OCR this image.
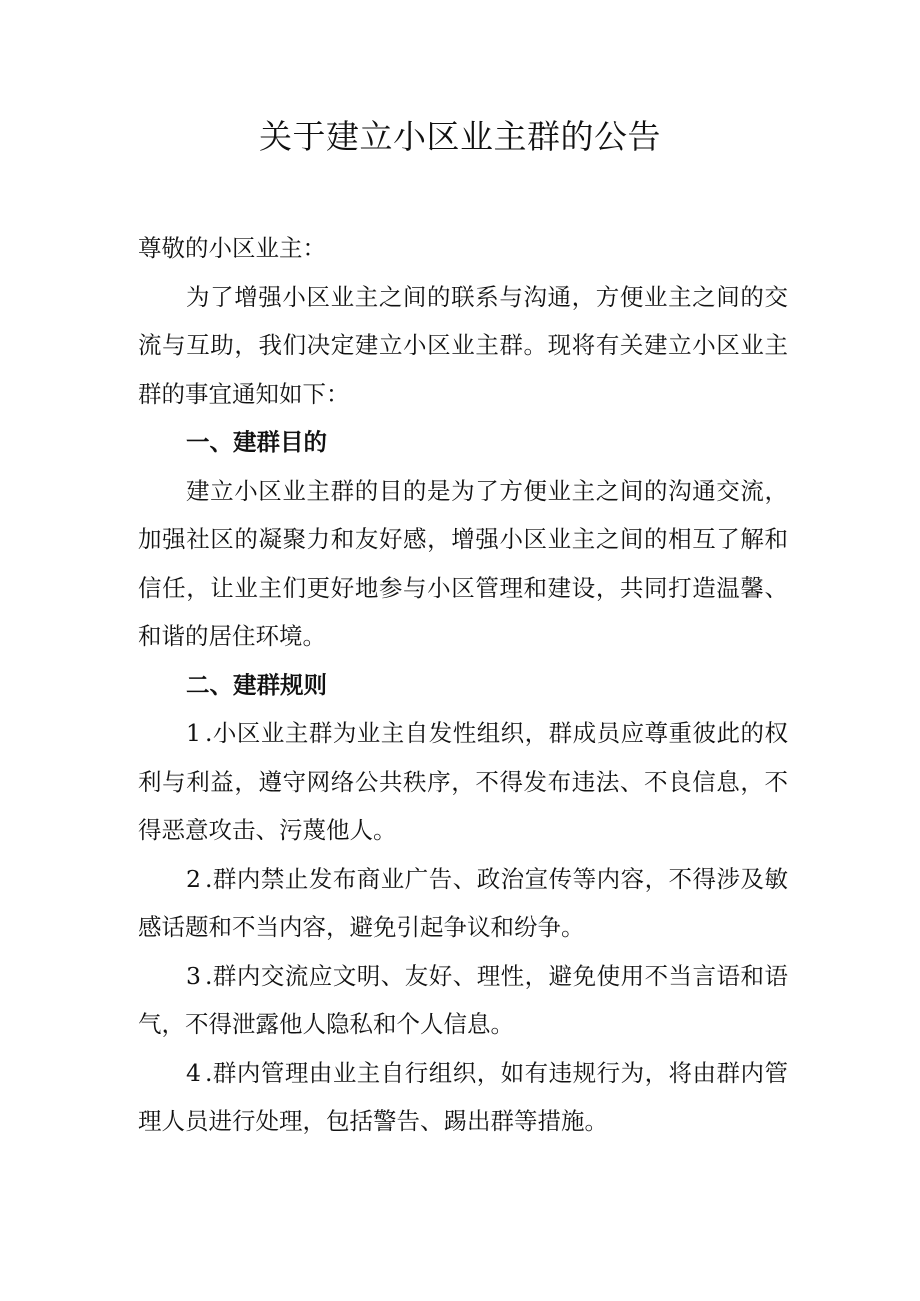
关于建立小区业主群的公告

尊敬的小区业主：

为了增强小区业主之间的联系与沟通，方便业主之间的交流与互助，我们决定建立小区业主群。现将有关建立小区业主群的事宜通知如下：

一、建群目的

建立小区业主群的目的是为了方便业主之间的沟通交流，加强社区的凝聚力和友好感，增强小区业主之间的相互了解和信任，让业主们更好地参与小区管理和建设，共同打造温馨、和谐的居住环境。

二、建群规则

1 .小区业主群为业主自发性组织，群成员应尊重彼此的权利与利益，遵守网络公共秩序，不得发布违法、不良信息，不得恶意攻击、污蔑他人。

2 .群内禁止发布商业广告、政治宣传等内容，不得涉及敏感话题和不当内容，避免引起争议和纷争。

3 .群内交流应文明、友好、理性，避免使用不当言语和语气，不得泄露他人隐私和个人信息。

4 .群内管理由业主自行组织，如有违规行为，将由群内管理人员进行处理，包括警告、踢出群等措施。
